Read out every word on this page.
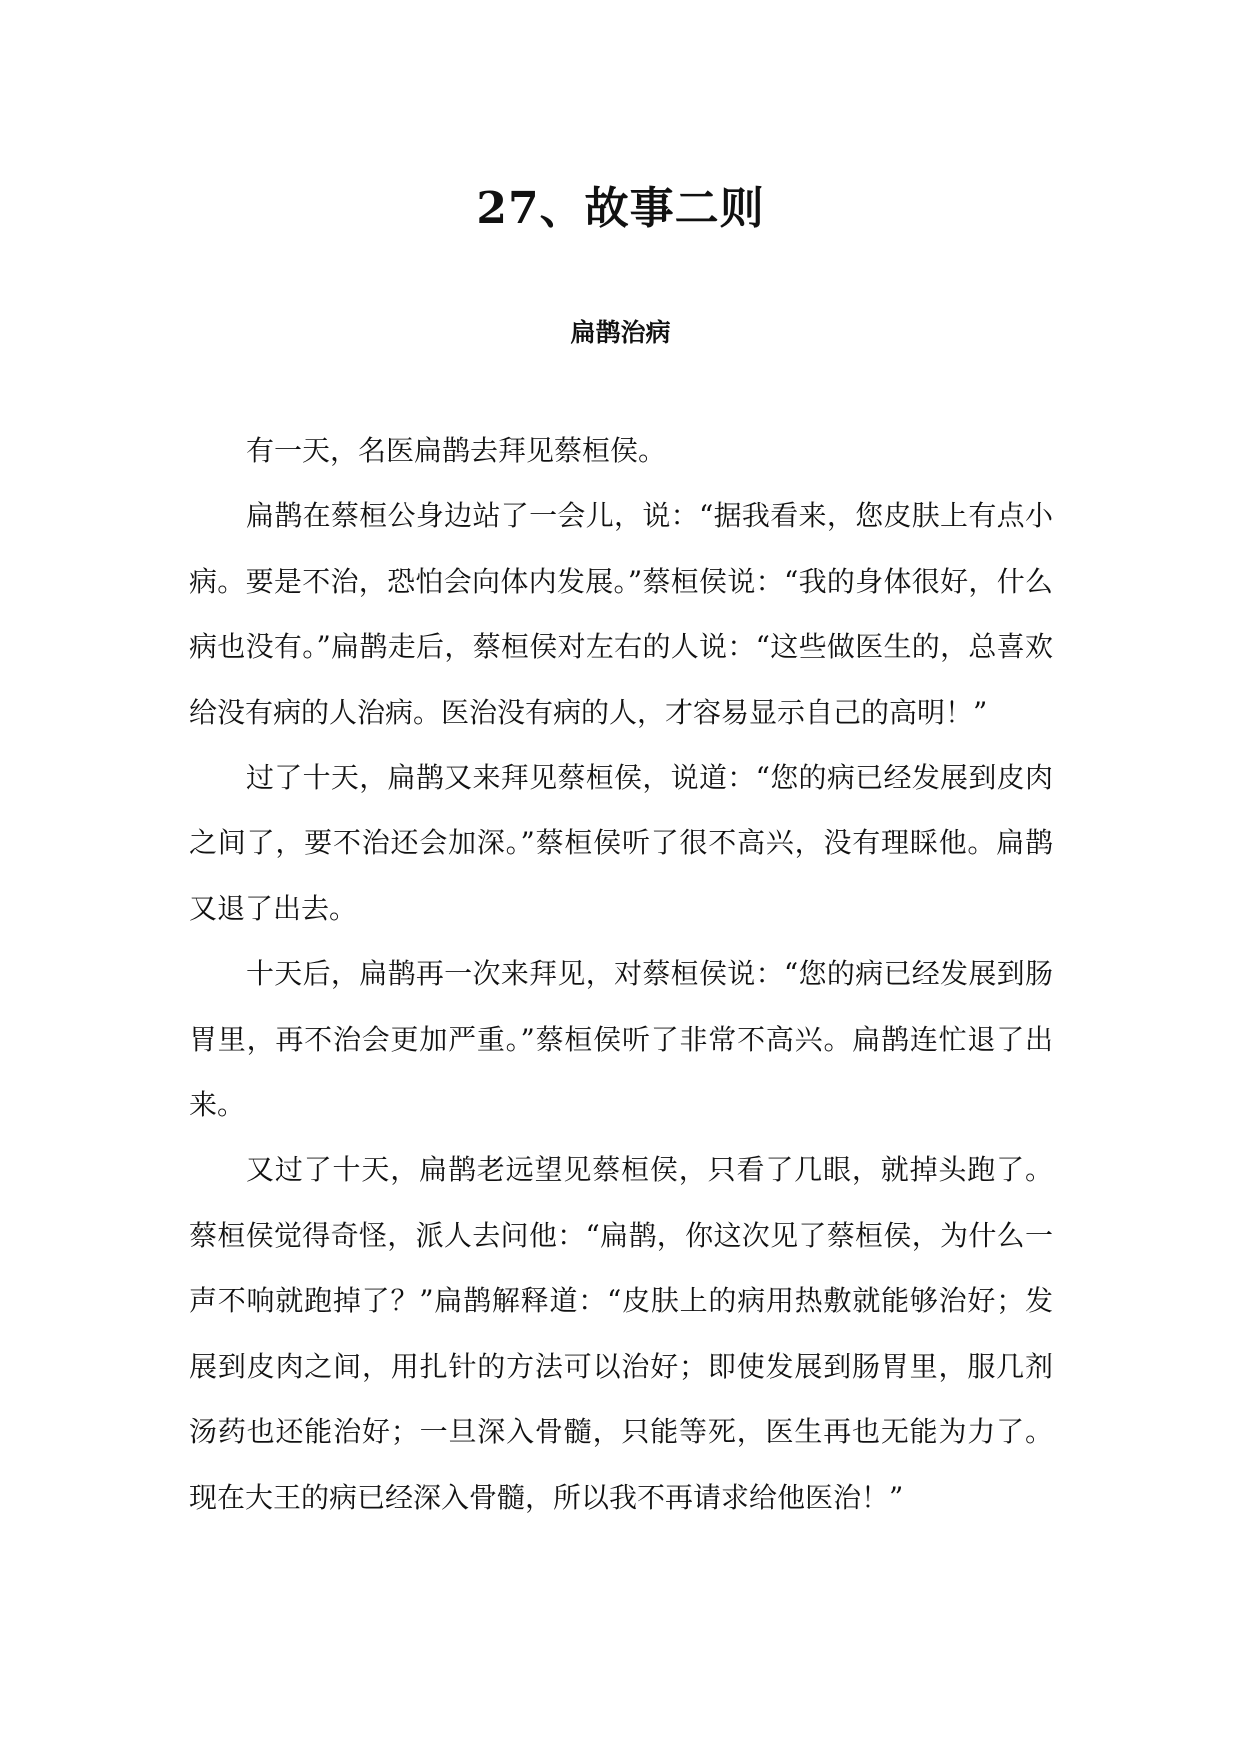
27、故事二则
扁鹊治病

有一天，名医扁鹊去拜见蔡桓侯。

扁鹊在蔡桓公身边站了一会儿，说：“据我看来，您皮肤上有点小病。要是不治，恐怕会向体内发展。”蔡桓侯说：“我的身体很好，什么病也没有。”扁鹊走后，蔡桓侯对左右的人说：“这些做医生的，总喜欢给没有病的人治病。医治没有病的人，才容易显示自己的高明！”

过了十天，扁鹊又来拜见蔡桓侯，说道：“您的病已经发展到皮肉之间了，要不治还会加深。”蔡桓侯听了很不高兴，没有理睬他。扁鹊又退了出去。

十天后，扁鹊再一次来拜见，对蔡桓侯说：“您的病已经发展到肠胃里，再不治会更加严重。”蔡桓侯听了非常不高兴。扁鹊连忙退了出来。

又过了十天，扁鹊老远望见蔡桓侯，只看了几眼，就掉头跑了。蔡桓侯觉得奇怪，派人去问他：“扁鹊，你这次见了蔡桓侯，为什么一声不响就跑掉了？”扁鹊解释道：“皮肤上的病用热敷就能够治好；发展到皮肉之间，用扎针的方法可以治好；即使发展到肠胃里，服几剂汤药也还能治好；一旦深入骨髓，只能等死，医生再也无能为力了。现在大王的病已经深入骨髓，所以我不再请求给他医治！”
